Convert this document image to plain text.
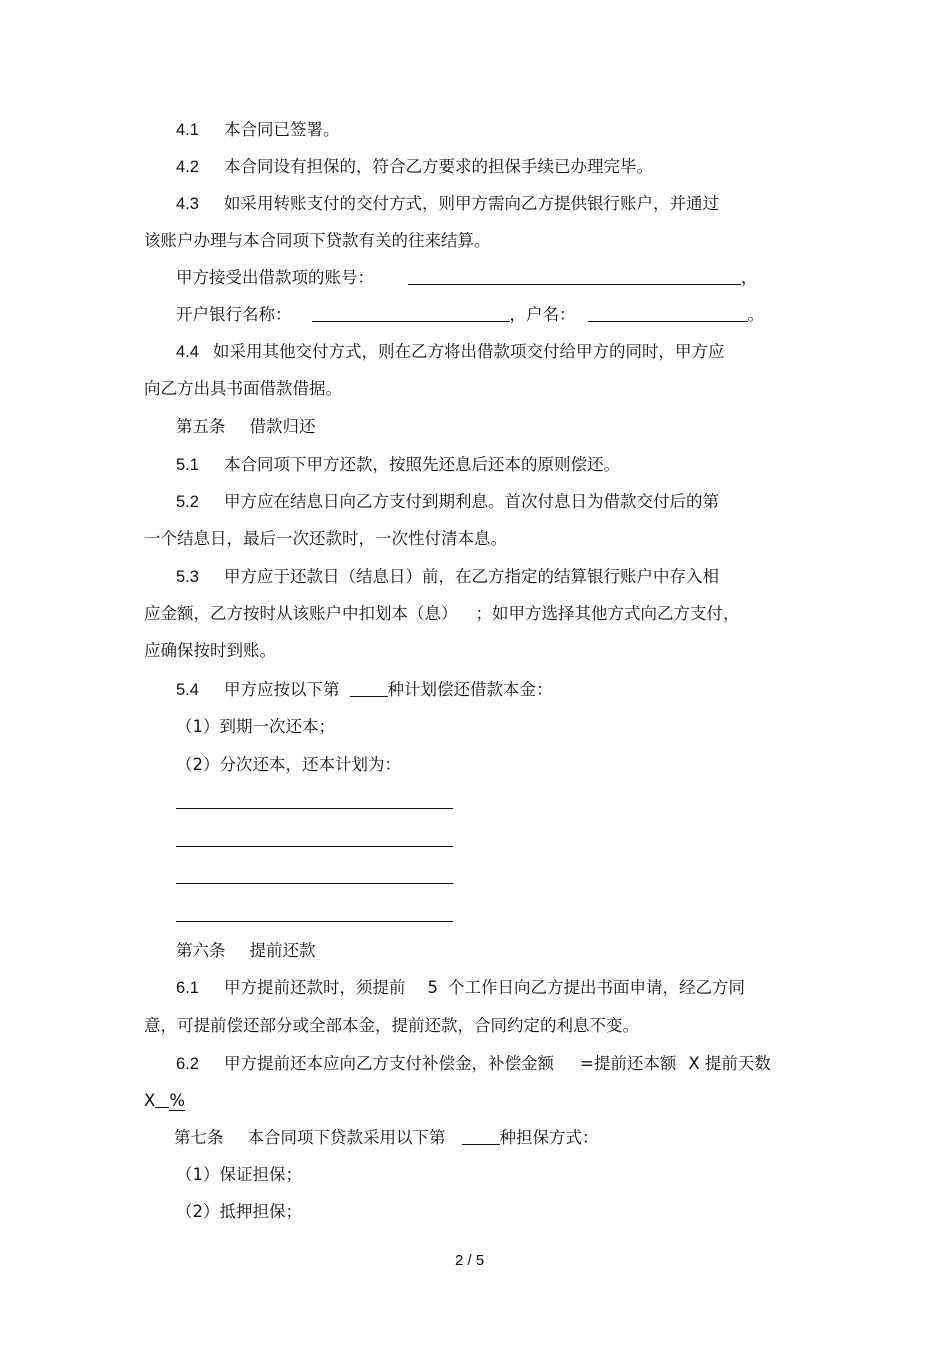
4.1 本合同已签署。
4.2 本合同设有担保的，符合乙方要求的担保手续已办理完毕。
4.3 如采用转账支付的交付方式，则甲方需向乙方提供银行账户，并通过
该账户办理与本合同项下贷款有关的往来结算。
甲方接受出借款项的账号：	，
开户银行名称：	，户名：	。
4.4 如采用其他交付方式，则在乙方将出借款项交付给甲方的同时，甲方应
向乙方出具书面借款借据。
第五条 借款归还
5.1 本合同项下甲方还款，按照先还息后还本的原则偿还。
5.2 甲方应在结息日向乙方支付到期利息。首次付息日为借款交付后的第
一个结息日，最后一次还款时，一次性付清本息。
5.3 甲方应于还款日（结息日）前，在乙方指定的结算银行账户中存入相
应金额，乙方按时从该账户中扣划本（息） ；如甲方选择其他方式向乙方支付，
应确保按时到账。
5.4 甲方应按以下第	种计划偿还借款本金：
（1）到期一次还本；
（2）分次还本，还本计划为：
第六条 提前还款
6.1 甲方提前还款时，须提前 5 个工作日向乙方提出书面申请，经乙方同
意，可提前偿还部分或全部本金，提前还款，合同约定的利息不变。
6.2 甲方提前还本应向乙方支付补偿金，补偿金额 =提前还本额 X 提前天数
X %
第七条 本合同项下贷款采用以下第	种担保方式：
（1）保证担保；
（2）抵押担保；
2 / 5
